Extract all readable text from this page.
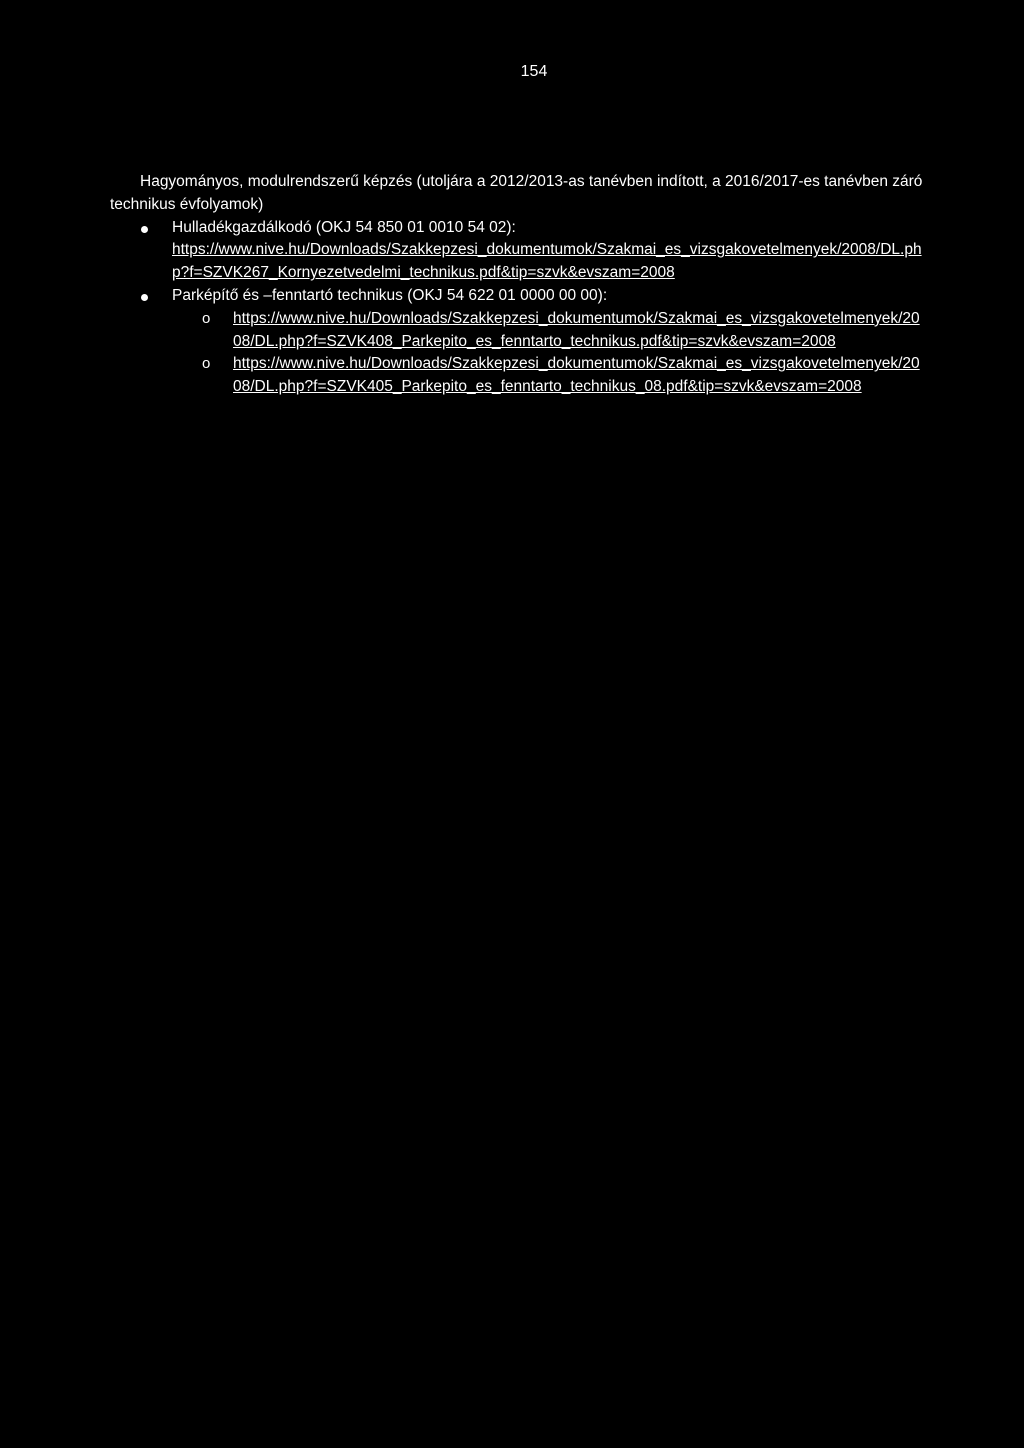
154

Hagyományos, modulrendszerű képzés (utoljára a 2012/2013-as tanévben indított, a 2016/2017-es tanévben záró technikus évfolyamok)

Hulladékgazdálkodó (OKJ 54 850 01 0010 54 02):
https://www.nive.hu/Downloads/Szakkepzesi_dokumentumok/Szakmai_es_vizsgakovetelmenyek/2008/DL.php?f=SZVK267_Kornyezetvedelmi_technikus.pdf&tip=szvk&evszam=2008
Parképítő és –fenntartó technikus (OKJ 54 622 01 0000 00 00):
o https://www.nive.hu/Downloads/Szakkepzesi_dokumentumok/Szakmai_es_vizsgakovetelmenyek/2008/DL.php?f=SZVK408_Parkepito_es_fenntarto_technikus.pdf&tip=szvk&evszam=2008
o https://www.nive.hu/Downloads/Szakkepzesi_dokumentumok/Szakmai_es_vizsgakovetelmenyek/2008/DL.php?f=SZVK405_Parkepito_es_fenntarto_technikus_08.pdf&tip=szvk&evszam=2008
